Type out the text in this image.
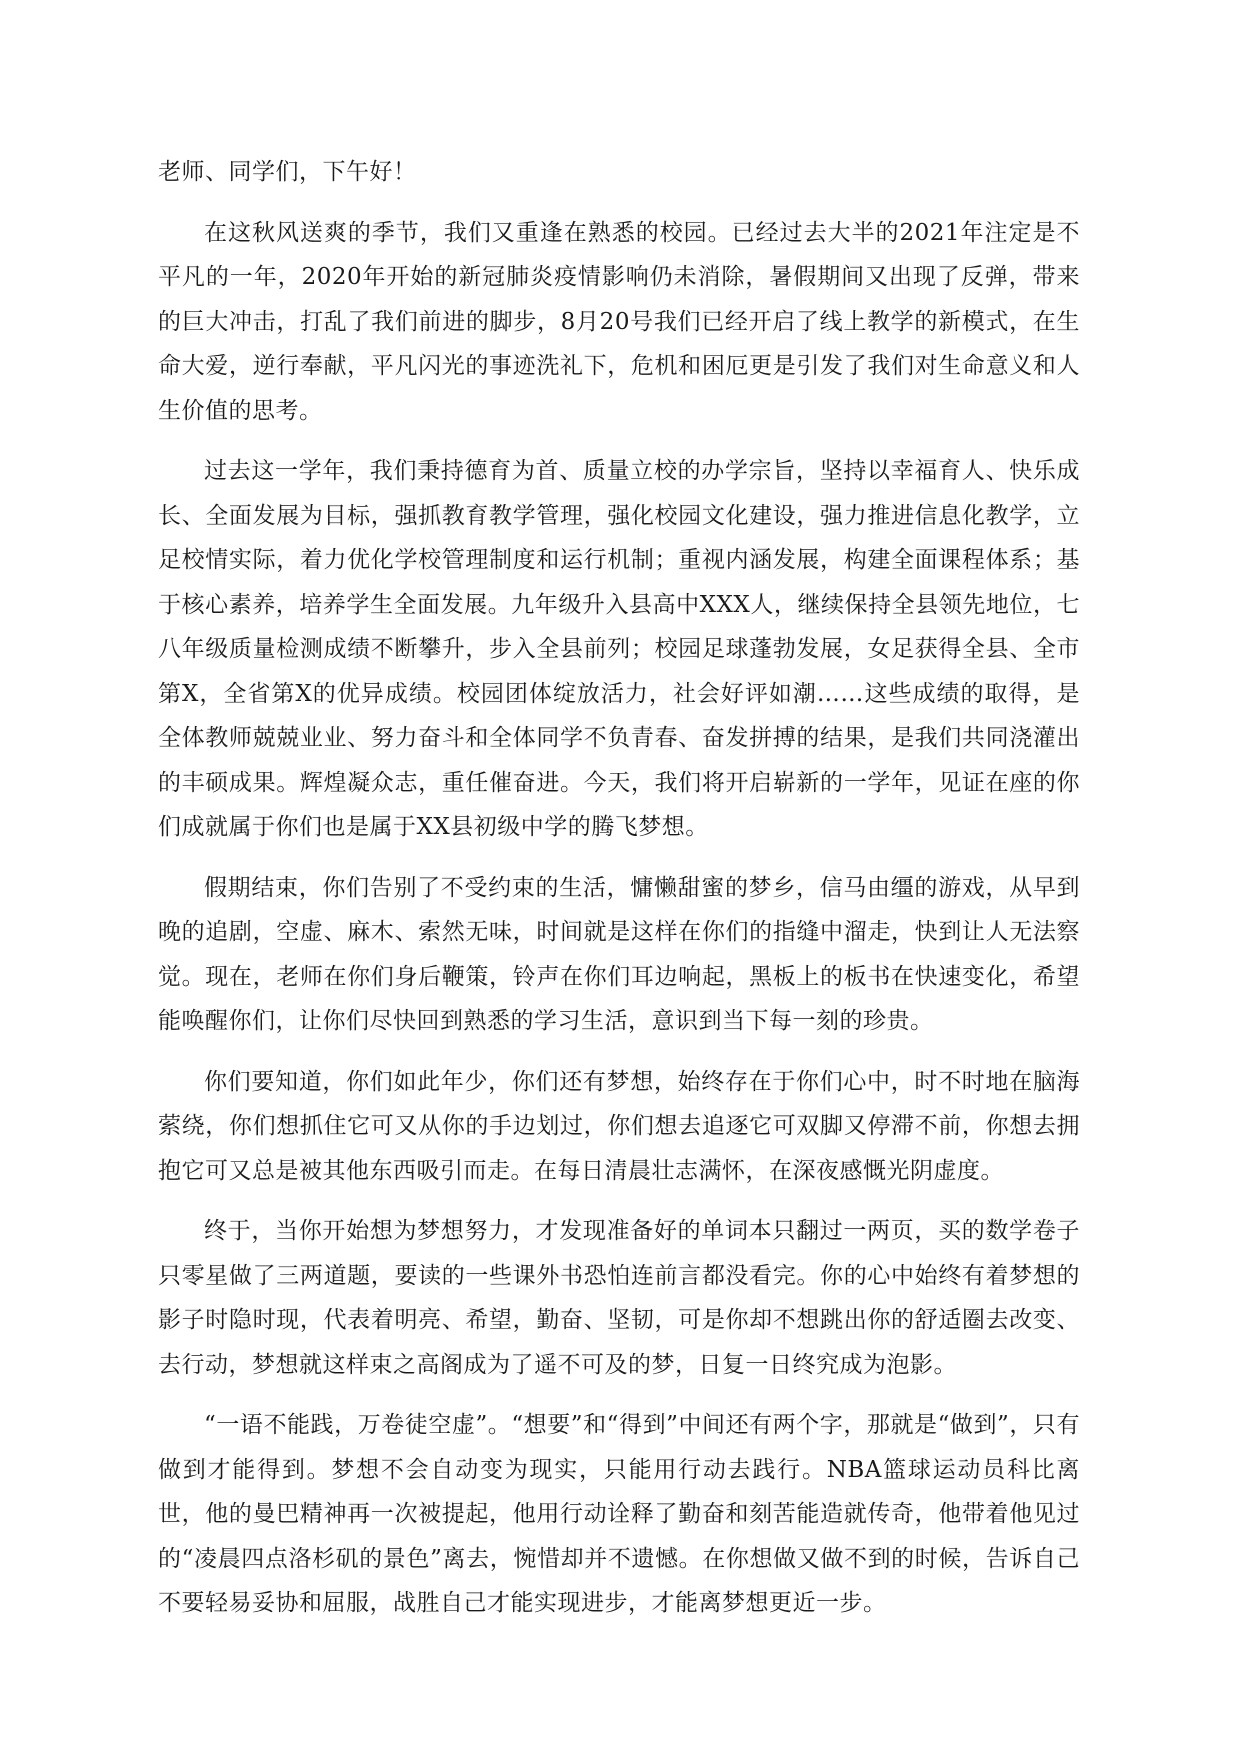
老师、同学们，下午好！

在这秋风送爽的季节，我们又重逢在熟悉的校园。已经过去大半的2021年注定是不平凡的一年，2020年开始的新冠肺炎疫情影响仍未消除，暑假期间又出现了反弹，带来的巨大冲击，打乱了我们前进的脚步，8月20号我们已经开启了线上教学的新模式，在生命大爱，逆行奉献，平凡闪光的事迹洗礼下，危机和困厄更是引发了我们对生命意义和人生价值的思考。

过去这一学年，我们秉持德育为首、质量立校的办学宗旨，坚持以幸福育人、快乐成长、全面发展为目标，强抓教育教学管理，强化校园文化建设，强力推进信息化教学，立足校情实际，着力优化学校管理制度和运行机制；重视内涵发展，构建全面课程体系；基于核心素养，培养学生全面发展。九年级升入县高中XXX人，继续保持全县领先地位，七八年级质量检测成绩不断攀升，步入全县前列；校园足球蓬勃发展，女足获得全县、全市第X，全省第X的优异成绩。校园团体绽放活力，社会好评如潮……这些成绩的取得，是全体教师兢兢业业、努力奋斗和全体同学不负青春、奋发拼搏的结果，是我们共同浇灌出的丰硕成果。辉煌凝众志，重任催奋进。今天，我们将开启崭新的一学年，见证在座的你们成就属于你们也是属于XX县初级中学的腾飞梦想。

假期结束，你们告别了不受约束的生活，慵懒甜蜜的梦乡，信马由缰的游戏，从早到晚的追剧，空虚、麻木、索然无味，时间就是这样在你们的指缝中溜走，快到让人无法察觉。现在，老师在你们身后鞭策，铃声在你们耳边响起，黑板上的板书在快速变化，希望能唤醒你们，让你们尽快回到熟悉的学习生活，意识到当下每一刻的珍贵。

你们要知道，你们如此年少，你们还有梦想，始终存在于你们心中，时不时地在脑海萦绕，你们想抓住它可又从你的手边划过，你们想去追逐它可双脚又停滞不前，你想去拥抱它可又总是被其他东西吸引而走。在每日清晨壮志满怀，在深夜感慨光阴虚度。

终于，当你开始想为梦想努力，才发现准备好的单词本只翻过一两页，买的数学卷子只零星做了三两道题，要读的一些课外书恐怕连前言都没看完。你的心中始终有着梦想的影子时隐时现，代表着明亮、希望，勤奋、坚韧，可是你却不想跳出你的舒适圈去改变、去行动，梦想就这样束之高阁成为了遥不可及的梦，日复一日终究成为泡影。

“一语不能践，万卷徒空虚”。“想要”和“得到”中间还有两个字，那就是“做到”，只有做到才能得到。梦想不会自动变为现实，只能用行动去践行。NBA篮球运动员科比离世，他的曼巴精神再一次被提起，他用行动诠释了勤奋和刻苦能造就传奇，他带着他见过的“凌晨四点洛杉矶的景色”离去，惋惜却并不遗憾。在你想做又做不到的时候，告诉自己不要轻易妥协和屈服，战胜自己才能实现进步，才能离梦想更近一步。
